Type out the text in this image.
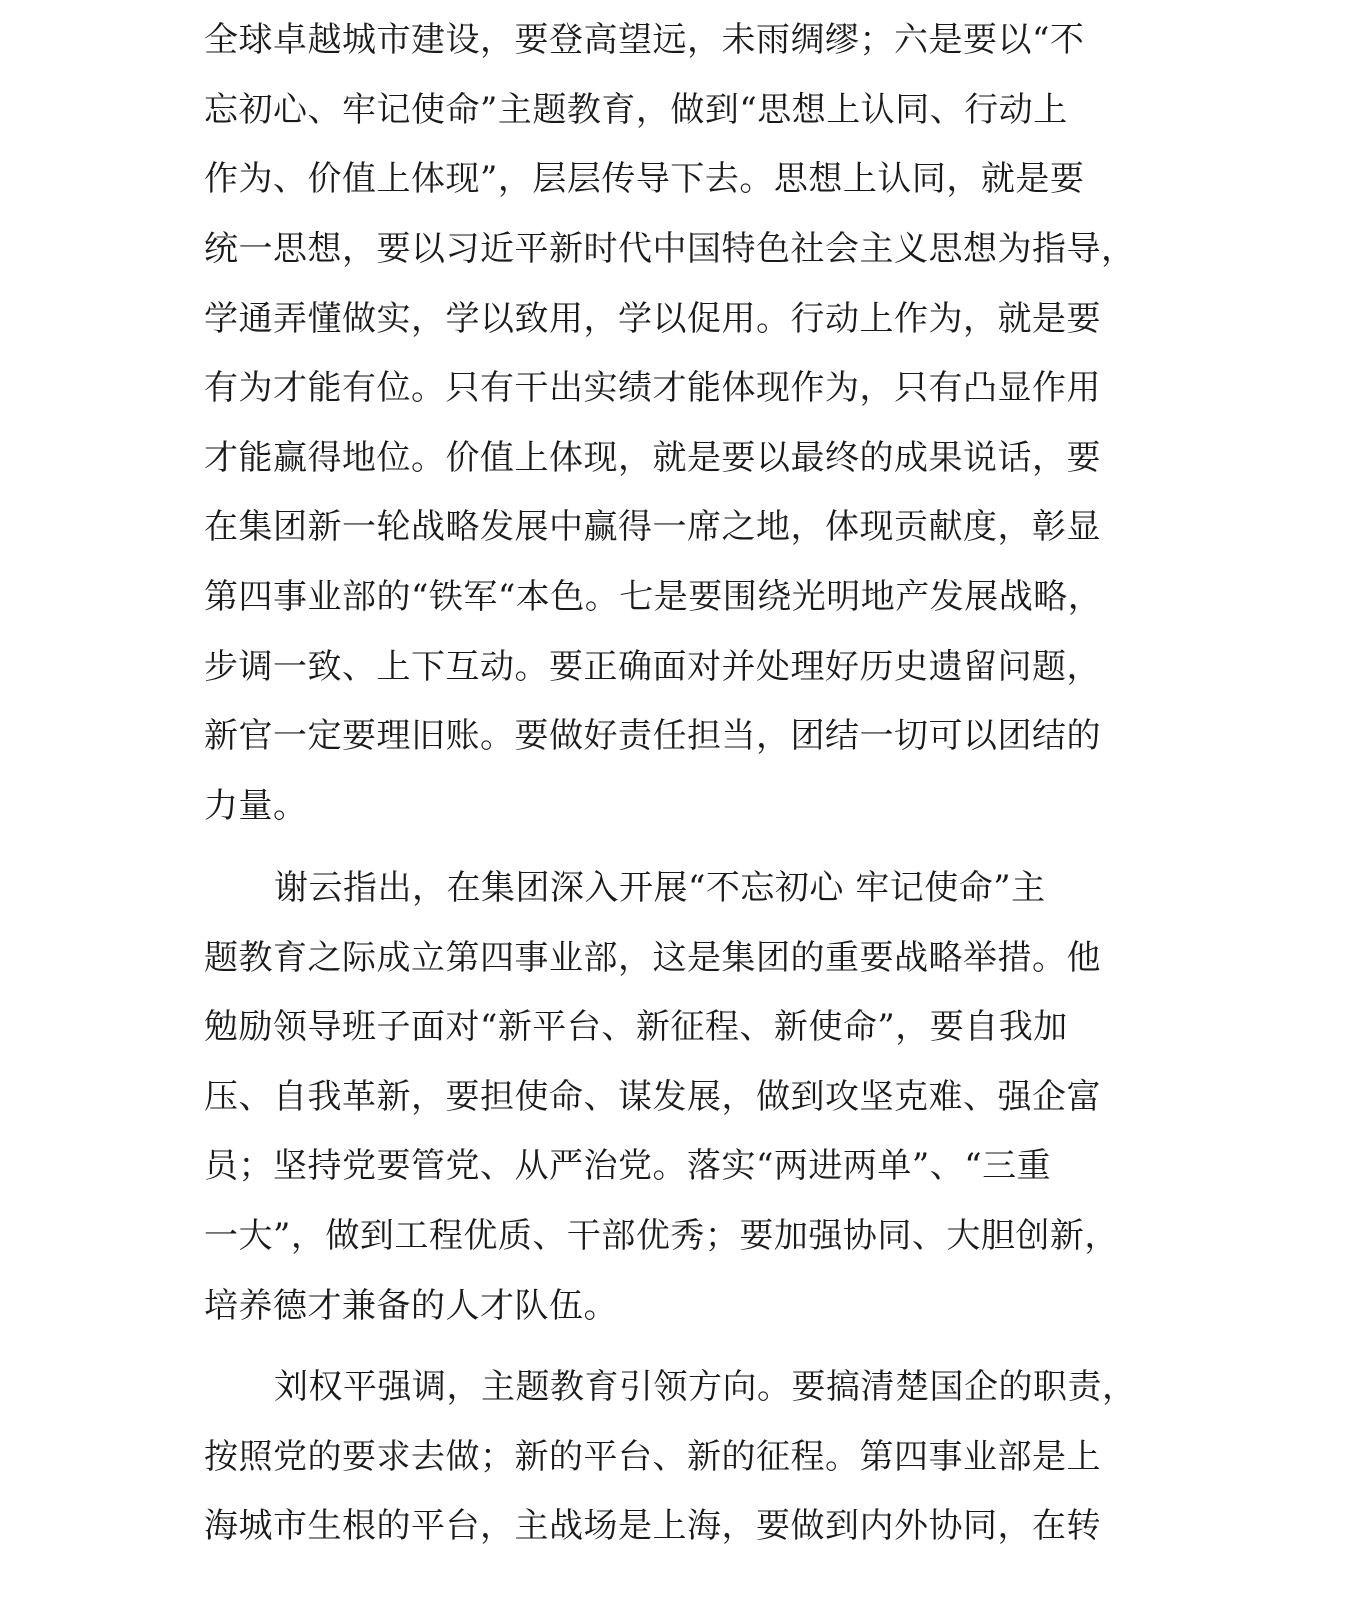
全球卓越城市建设，要登高望远，未雨绸缪；六是要以“不
忘初心、牢记使命”主题教育，做到“思想上认同、行动上
作为、价值上体现”，层层传导下去。思想上认同，就是要
统一思想，要以习近平新时代中国特色社会主义思想为指导，
学通弄懂做实，学以致用，学以促用。行动上作为，就是要
有为才能有位。只有干出实绩才能体现作为，只有凸显作用
才能赢得地位。价值上体现，就是要以最终的成果说话，要
在集团新一轮战略发展中赢得一席之地，体现贡献度，彰显
第四事业部的“铁军“本色。七是要围绕光明地产发展战略，
步调一致、上下互动。要正确面对并处理好历史遗留问题，
新官一定要理旧账。要做好责任担当，团结一切可以团结的
力量。
谢云指出，在集团深入开展“不忘初心 牢记使命”主
题教育之际成立第四事业部，这是集团的重要战略举措。他
勉励领导班子面对“新平台、新征程、新使命”，要自我加
压、自我革新，要担使命、谋发展，做到攻坚克难、强企富
员；坚持党要管党、从严治党。落实“两进两单”、“三重
一大”，做到工程优质、干部优秀；要加强协同、大胆创新，
培养德才兼备的人才队伍。
刘权平强调，主题教育引领方向。要搞清楚国企的职责，
按照党的要求去做；新的平台、新的征程。第四事业部是上
海城市生根的平台，主战场是上海，要做到内外协同，在转
